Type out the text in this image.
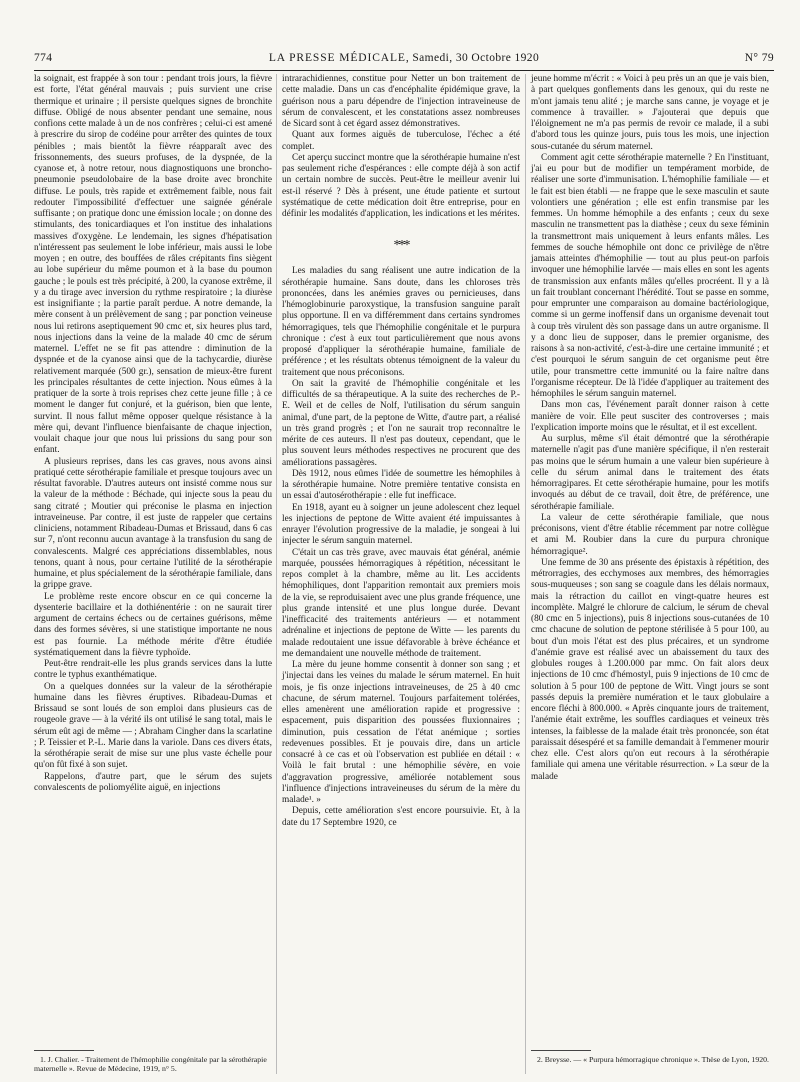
774	LA PRESSE MÉDICALE, Samedi, 30 Octobre 1920	N° 79

la soignait, est frappée à son tour : pendant trois jours, la fièvre est forte, l'état général mauvais ; puis survient une crise thermique et urinaire ; il persiste quelques signes de bronchite diffuse. Obligé de nous absenter pendant une semaine, nous confions cette malade à un de nos confrères ; celui-ci est amené à prescrire du sirop de codéine pour arrêter des quintes de toux pénibles ; mais bientôt la fièvre réapparaît avec des frissonnements, des sueurs profuses, de la dyspnée, de la cyanose et, à notre retour, nous diagnostiquons une broncho-pneumonie pseudolobaire de la base droite avec bronchite diffuse. Le pouls, très rapide et extrêmement faible, nous fait redouter l'impossibilité d'effectuer une saignée générale suffisante ; on pratique donc une émission locale ; on donne des stimulants, des tonicardiaques et l'on institue des inhalations massives d'oxygène. Le lendemain, les signes d'hépatisation n'intéressent pas seulement le lobe inférieur, mais aussi le lobe moyen ; en outre, des bouffées de râles crépitants fins siègent au lobe supérieur du même poumon et à la base du poumon gauche ; le pouls est très précipité, à 200, la cyanose extrême, il y a du tirage avec inversion du rythme respiratoire ; la diurèse est insignifiante ; la partie paraît perdue. A notre demande, la mère consent à un prélèvement de sang ; par ponction veineuse nous lui retirons aseptiquement 90 cmc et, six heures plus tard, nous injections dans la veine de la malade 40 cmc de sérum maternel. L'effet ne se fit pas attendre : diminution de la dyspnée et de la cyanose ainsi que de la tachycardie, diurèse relativement marquée (500 gr.), sensation de mieux-être furent les principales résultantes de cette injection. Nous eûmes à la pratiquer de la sorte à trois reprises chez cette jeune fille ; à ce moment le danger fut conjuré, et la guérison, bien que lente, survint. Il nous fallut même opposer quelque résistance à la mère qui, devant l'influence bienfaisante de chaque injection, voulait chaque jour que nous lui prissions du sang pour son enfant.

A plusieurs reprises, dans les cas graves, nous avons ainsi pratiqué cette sérothérapie familiale et presque toujours avec un résultat favorable. D'autres auteurs ont insisté comme nous sur la valeur de la méthode : Béchade, qui injecte sous la peau du sang citraté ; Moutier qui préconise le plasma en injection intraveineuse. Par contre, il est juste de rappeler que certains cliniciens, notamment Ribadeau-Dumas et Brissaud, dans 6 cas sur 7, n'ont reconnu aucun avantage à la transfusion du sang de convalescents. Malgré ces appréciations dissemblables, nous tenons, quant à nous, pour certaine l'utilité de la sérothérapie humaine, et plus spécialement de la sérothérapie familiale, dans la grippe grave.

Le problème reste encore obscur en ce qui concerne la dysenterie bacillaire et la dothiénentérie : on ne saurait tirer argument de certains échecs ou de certaines guérisons, même dans des formes sévères, si une statistique importante ne nous est pas fournie. La méthode mérite d'être étudiée systématiquement dans la fièvre typhoïde.

Peut-être rendrait-elle les plus grands services dans la lutte contre le typhus exanthématique.

On a quelques données sur la valeur de la sérothérapie humaine dans les fièvres éruptives. Ribadeau-Dumas et Brissaud se sont loués de son emploi dans plusieurs cas de rougeole grave — à la vérité ils ont utilisé le sang total, mais le sérum eût agi de même — ; Abraham Cingher dans la scarlatine ; P. Teissier et P.-L. Marie dans la variole. Dans ces divers états, la sérothérapie serait de mise sur une plus vaste échelle pour qu'on fût fixé à son sujet.

Rappelons, d'autre part, que le sérum des sujets convalescents de poliomyélite aiguë, en injections

intrarachidiennes, constitue pour Netter un bon traitement de cette maladie. Dans un cas d'encéphalite épidémique grave, la guérison nous a paru dépendre de l'injection intraveineuse de sérum de convalescent, et les constatations assez nombreuses de Sicard sont à cet égard assez démonstratives.

Quant aux formes aiguës de tuberculose, l'échec a été complet.

Cet aperçu succinct montre que la sérothérapie humaine n'est pas seulement riche d'espérances : elle compte déjà à son actif un certain nombre de succès. Peut-être le meilleur avenir lui est-il réservé ? Dès à présent, une étude patiente et surtout systématique de cette médication doit être entreprise, pour en définir les modalités d'application, les indications et les mérites.

***

Les maladies du sang réalisent une autre indication de la sérothérapie humaine. Sans doute, dans les chloroses très prononcées, dans les anémies graves ou pernicieuses, dans l'hémoglobinurie paroxystique, la transfusion sanguine paraît plus opportune. Il en va différemment dans certains syndromes hémorragiques, tels que l'hémophilie congénitale et le purpura chronique : c'est à eux tout particulièrement que nous avons proposé d'appliquer la sérothérapie humaine, familiale de préférence ; et les résultats obtenus témoignent de la valeur du traitement que nous préconisons.

On sait la gravité de l'hémophilie congénitale et les difficultés de sa thérapeutique. A la suite des recherches de P.-E. Weil et de celles de Nolf, l'utilisation du sérum sanguin animal, d'une part, de la peptone de Witte, d'autre part, a réalisé un très grand progrès ; et l'on ne saurait trop reconnaître le mérite de ces auteurs. Il n'est pas douteux, cependant, que le plus souvent leurs méthodes respectives ne procurent que des améliorations passagères.

Dès 1912, nous eûmes l'idée de soumettre les hémophiles à la sérothérapie humaine. Notre première tentative consista en un essai d'autosérothérapie : elle fut inefficace.

En 1918, ayant eu à soigner un jeune adolescent chez lequel les injections de peptone de Witte avaient été impuissantes à enrayer l'évolution progressive de la maladie, je songeai à lui injecter le sérum sanguin maternel.

C'était un cas très grave, avec mauvais état général, anémie marquée, poussées hémorragiques à répétition, nécessitant le repos complet à la chambre, même au lit. Les accidents hémophiliques, dont l'apparition remontait aux premiers mois de la vie, se reproduisaient avec une plus grande fréquence, une plus grande intensité et une plus longue durée. Devant l'inefficacité des traitements antérieurs — et notamment adrénaline et injections de peptone de Witte — les parents du malade redoutaient une issue défavorable à brève échéance et me demandaient une nouvelle méthode de traitement.

La mère du jeune homme consentit à donner son sang ; et j'injectai dans les veines du malade le sérum maternel. En huit mois, je fis onze injections intraveineuses, de 25 à 40 cmc chacune, de sérum maternel. Toujours parfaitement tolérées, elles amenèrent une amélioration rapide et progressive : espacement, puis disparition des poussées fluxionnaires ; diminution, puis cessation de l'état anémique ; sorties redevenues possibles. Et je pouvais dire, dans un article consacré à ce cas et où l'observation est publiée en détail : « Voilà le fait brutal : une hémophilie sévère, en voie d'aggravation progressive, améliorée notablement sous l'influence d'injections intraveineuses du sérum de la mère du malade¹. »

Depuis, cette amélioration s'est encore poursuivie. Et, à la date du 17 Septembre 1920, ce

jeune homme m'écrit : « Voici à peu près un an que je vais bien, à part quelques gonflements dans les genoux, qui du reste ne m'ont jamais tenu alité ; je marche sans canne, je voyage et je commence à travailler. » J'ajouterai que depuis que l'éloignement ne m'a pas permis de revoir ce malade, il a subi d'abord tous les quinze jours, puis tous les mois, une injection sous-cutanée du sérum maternel.

Comment agit cette sérothérapie maternelle ? En l'instituant, j'ai eu pour but de modifier un tempérament morbide, de réaliser une sorte d'immunisation. L'hémophilie familiale — et le fait est bien établi — ne frappe que le sexe masculin et saute volontiers une génération ; elle est enfin transmise par les femmes. Un homme hémophile a des enfants ; ceux du sexe masculin ne transmettent pas la diathèse ; ceux du sexe féminin la transmettront mais uniquement à leurs enfants mâles. Les femmes de souche hémophile ont donc ce privilège de n'être jamais atteintes d'hémophilie — tout au plus peut-on parfois invoquer une hémophilie larvée — mais elles en sont les agents de transmission aux enfants mâles qu'elles procréent. Il y a là un fait troublant concernant l'hérédité. Tout se passe en somme, pour emprunter une comparaison au domaine bactériologique, comme si un germe inoffensif dans un organisme devenait tout à coup très virulent dès son passage dans un autre organisme. Il y a donc lieu de supposer, dans le premier organisme, des raisons à sa non-activité, c'est-à-dire une certaine immunité ; et c'est pourquoi le sérum sanguin de cet organisme peut être utile, pour transmettre cette immunité ou la faire naître dans l'organisme récepteur. De là l'idée d'appliquer au traitement des hémophiles le sérum sanguin maternel.

Dans mon cas, l'événement paraît donner raison à cette manière de voir. Elle peut susciter des controverses ; mais l'explication importe moins que le résultat, et il est excellent.

Au surplus, même s'il était démontré que la sérothérapie maternelle n'agit pas d'une manière spécifique, il n'en resterait pas moins que le sérum humain a une valeur bien supérieure à celle du sérum animal dans le traitement des états hémorragipares. Et cette sérothérapie humaine, pour les motifs invoqués au début de ce travail, doit être, de préférence, une sérothérapie familiale.

La valeur de cette sérothérapie familiale, que nous préconisons, vient d'être établie récemment par notre collègue et ami M. Roubier dans la cure du purpura chronique hémorragique².

Une femme de 30 ans présente des épistaxis à répétition, des métrorragies, des ecchymoses aux membres, des hémorragies sous-muqueuses ; son sang se coagule dans les délais normaux, mais la rétraction du caillot en vingt-quatre heures est incomplète. Malgré le chlorure de calcium, le sérum de cheval (80 cmc en 5 injections), puis 8 injections sous-cutanées de 10 cmc chacune de solution de peptone stérilisée à 5 pour 100, au bout d'un mois l'état est des plus précaires, et un syndrome d'anémie grave est réalisé avec un abaissement du taux des globules rouges à 1.200.000 par mmc. On fait alors deux injections de 10 cmc d'hémostyl, puis 9 injections de 10 cmc de solution à 5 pour 100 de peptone de Witt. Vingt jours se sont passés depuis la première numération et le taux globulaire a encore fléchi à 800.000. « Après cinquante jours de traitement, l'anémie était extrême, les souffles cardiaques et veineux très intenses, la faiblesse de la malade était très prononcée, son état paraissait désespéré et sa famille demandait à l'emmener mourir chez elle. C'est alors qu'on eut recours à la sérothérapie familiale qui amena une véritable résurrection. » La sœur de la malade

1. J. Chalier. - Traitement de l'hémophilie congénitale par la sérothérapie maternelle ». Revue de Médecine, 1919, n° 5.

2. Breysse. — « Purpura hémorragique chronique ». Thèse de Lyon, 1920.
